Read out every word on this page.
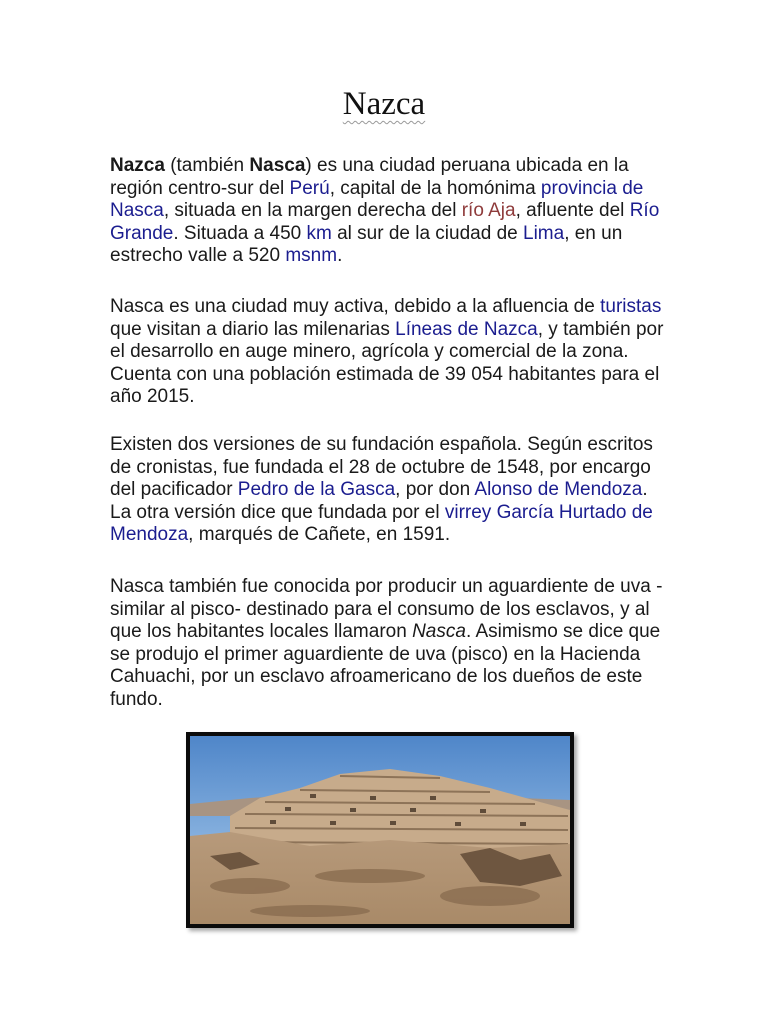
Nazca

Nazca (también Nasca) es una ciudad peruana ubicada en la región centro-sur del Perú, capital de la homónima provincia de Nasca, situada en la margen derecha del río Aja, afluente del Río Grande. Situada a 450 km al sur de la ciudad de Lima, en un estrecho valle a 520 msnm.

Nasca es una ciudad muy activa, debido a la afluencia de turistas que visitan a diario las milenarias Líneas de Nazca, y también por el desarrollo en auge minero, agrícola y comercial de la zona. Cuenta con una población estimada de 39 054 habitantes para el año 2015.

Existen dos versiones de su fundación española. Según escritos de cronistas, fue fundada el 28 de octubre de 1548, por encargo del pacificador Pedro de la Gasca, por don Alonso de Mendoza. La otra versión dice que fundada por el virrey García Hurtado de Mendoza, marqués de Cañete, en 1591.

Nasca también fue conocida por producir un aguardiente de uva -similar al pisco- destinado para el consumo de los esclavos, y al que los habitantes locales llamaron Nasca. Asimismo se dice que se produjo el primer aguardiente de uva (pisco) en la Hacienda Cahuachi, por un esclavo afroamericano de los dueños de este fundo.
